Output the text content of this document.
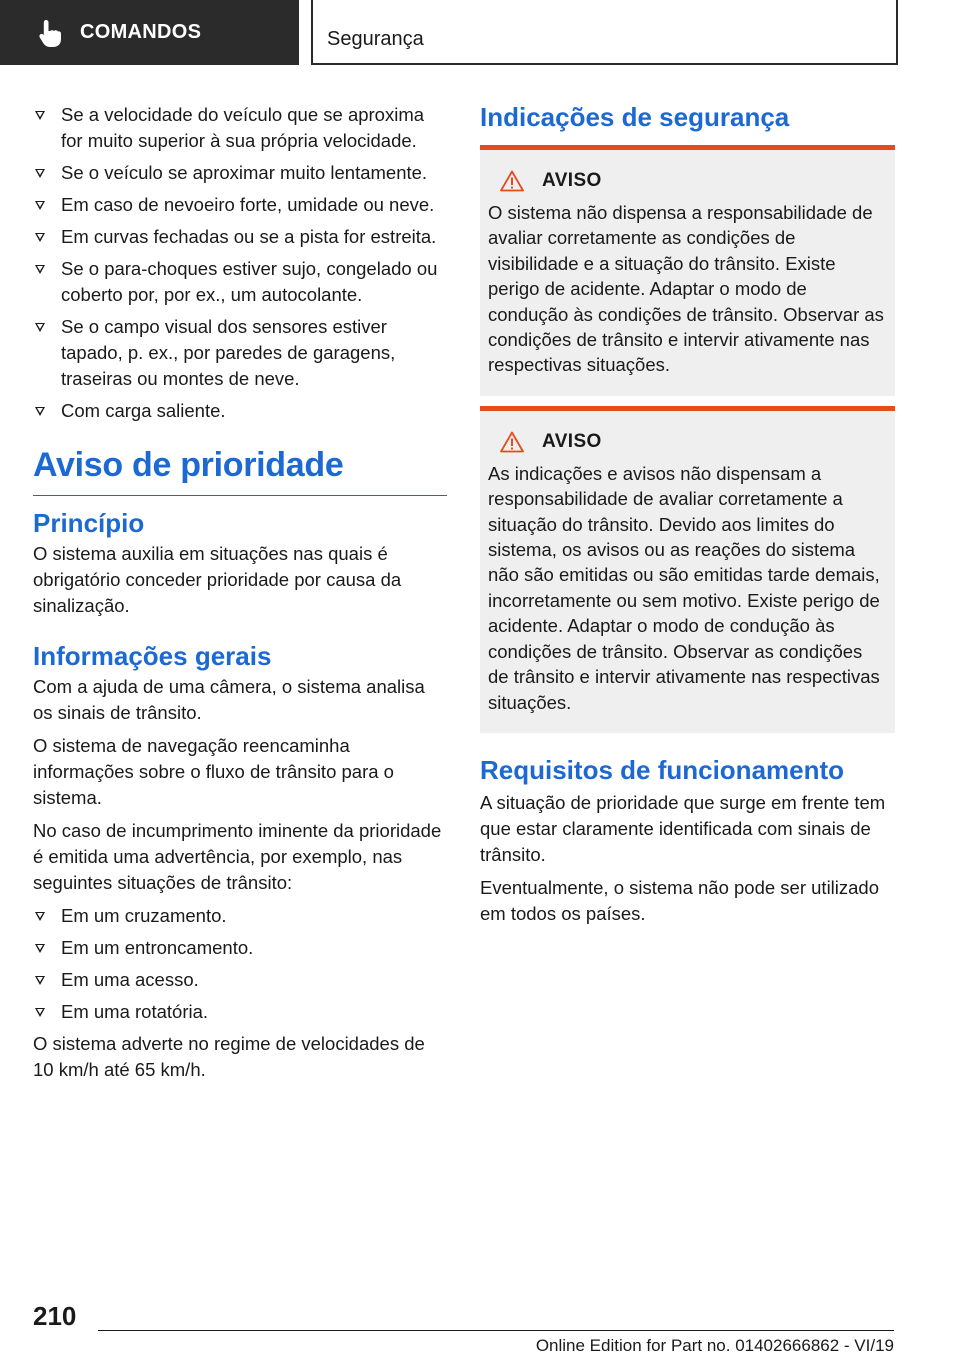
COMANDOS	Segurança
Se a velocidade do veículo que se aproxima for muito superior à sua própria velocidade.
Se o veículo se aproximar muito lentamente.
Em caso de nevoeiro forte, umidade ou neve.
Em curvas fechadas ou se a pista for estreita.
Se o para-choques estiver sujo, congelado ou coberto por, por ex., um autocolante.
Se o campo visual dos sensores estiver tapado, p. ex., por paredes de garagens, traseiras ou montes de neve.
Com carga saliente.
Aviso de prioridade
Princípio

O sistema auxilia em situações nas quais é obrigatório conceder prioridade por causa da sinalização.

Informações gerais

Com a ajuda de uma câmera, o sistema analisa os sinais de trânsito.

O sistema de navegação reencaminha informações sobre o fluxo de trânsito para o sistema.

No caso de incumprimento iminente da prioridade é emitida uma advertência, por exemplo, nas seguintes situações de trânsito:

Em um cruzamento.
Em um entroncamento.
Em uma acesso.
Em uma rotatória.

O sistema adverte no regime de velocidades de 10 km/h até 65 km/h.

Indicações de segurança
AVISO

O sistema não dispensa a responsabilidade de avaliar corretamente as condições de visibilidade e a situação do trânsito. Existe perigo de acidente. Adaptar o modo de condução às condições de trânsito. Observar as condições de trânsito e intervir ativamente nas respectivas situações.

AVISO

As indicações e avisos não dispensam a responsabilidade de avaliar corretamente a situação do trânsito. Devido aos limites do sistema, os avisos ou as reações do sistema não são emitidas ou são emitidas tarde demais, incorretamente ou sem motivo. Existe perigo de acidente. Adaptar o modo de condução às condições de trânsito. Observar as condições de trânsito e intervir ativamente nas respectivas situações.

Requisitos de funcionamento

A situação de prioridade que surge em frente tem que estar claramente identificada com sinais de trânsito.

Eventualmente, o sistema não pode ser utilizado em todos os países.

210
Online Edition for Part no. 01402666862 - VI/19
